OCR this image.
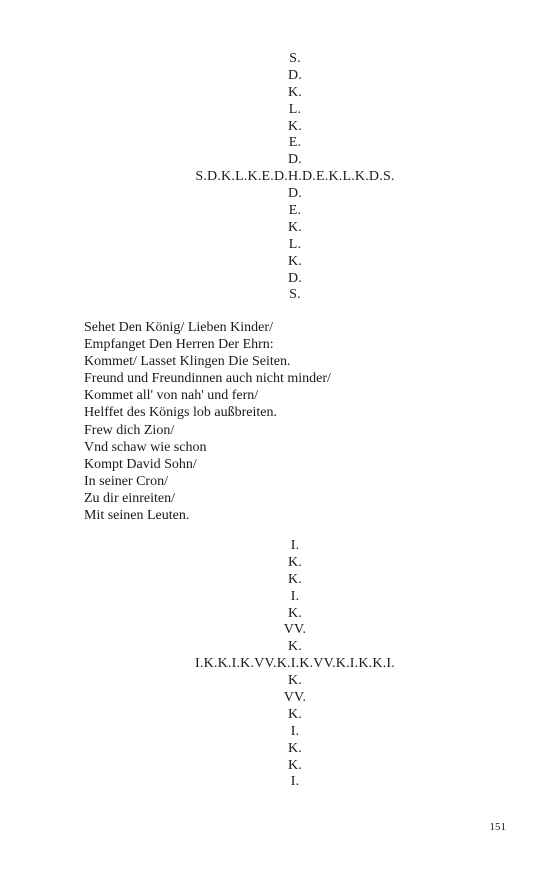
S.
D.
K.
L.
K.
E.
D.
S.D.K.L.K.E.D.H.D.E.K.L.K.D.S.
D.
E.
K.
L.
K.
D.
S.
Sehet Den König/ Lieben Kinder/
Empfanget Den Herren Der Ehrn:
Kommet/ Lasset Klingen Die Seiten.
Freund und Freundinnen auch nicht minder/
Kommet all' von nah' und fern/
Helffet des Königs lob außbreiten.
Frew dich Zion/
Vnd schaw wie schon
Kompt David Sohn/
In seiner Cron/
Zu dir einreiten/
Mit seinen Leuten.
I.
K.
K.
I.
K.
VV.
K.
I.K.K.I.K.VV.K.I.K.VV.K.I.K.K.I.
K.
VV.
K.
I.
K.
K.
I.
151
